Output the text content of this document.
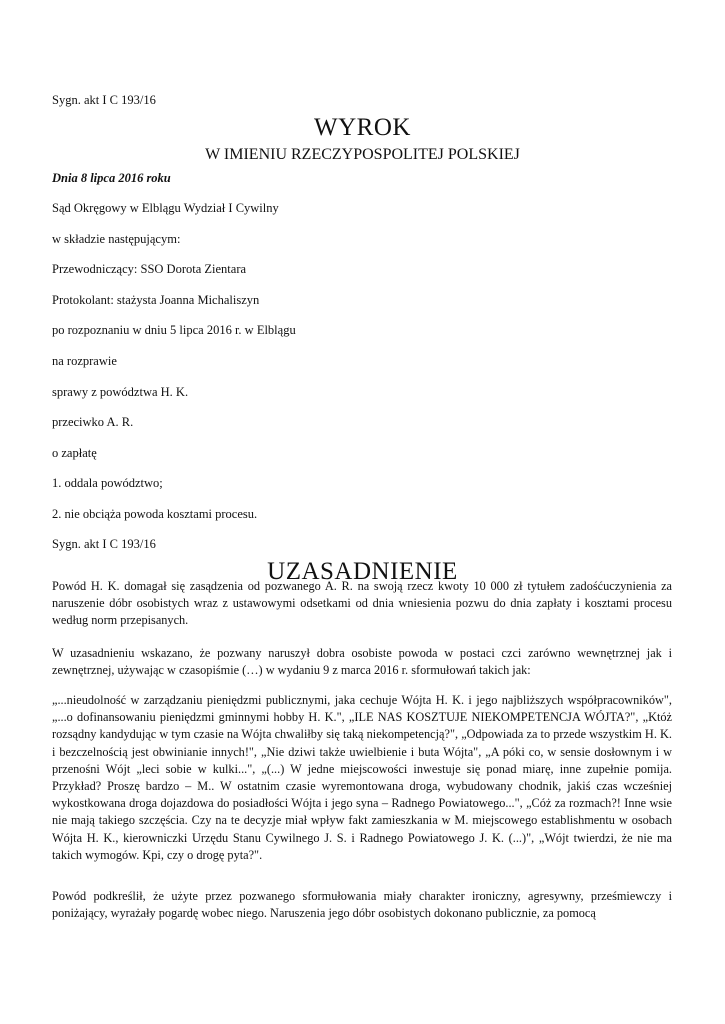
Sygn. akt I C 193/16
WYROK
W IMIENIU RZECZYPOSPOLITEJ POLSKIEJ
Dnia 8 lipca 2016 roku
Sąd Okręgowy w Elblągu Wydział I Cywilny
w składzie następującym:
Przewodniczący: SSO Dorota Zientara
Protokolant: stażysta Joanna Michaliszyn
po rozpoznaniu w dniu 5 lipca 2016 r. w Elblągu
na rozprawie
sprawy z powództwa H. K.
przeciwko A. R.
o zapłatę
1. oddala powództwo;
2. nie obciąża powoda kosztami procesu.
Sygn. akt I C 193/16
UZASADNIENIE

Powód H. K. domagał się zasądzenia od pozwanego A. R. na swoją rzecz kwoty 10 000 zł tytułem zadośćuczynienia za naruszenie dóbr osobistych wraz z ustawowymi odsetkami od dnia wniesienia pozwu do dnia zapłaty i kosztami procesu według norm przepisanych.

W uzasadnieniu wskazano, że pozwany naruszył dobra osobiste powoda w postaci czci zarówno wewnętrznej jak i zewnętrznej, używając w czasopiśmie (…) w wydaniu 9 z marca 2016 r. sformułowań takich jak:

„...nieudolność w zarządzaniu pieniędzmi publicznymi, jaka cechuje Wójta H. K. i jego najbliższych współpracowników", „...o dofinansowaniu pieniędzmi gminnymi hobby H. K.", „ILE NAS KOSZTUJE NIEKOMPETENCJA WÓJTA?", „Któż rozsądny kandydując w tym czasie na Wójta chwaliłby się taką niekompetencją?", „Odpowiada za to przede wszystkim H. K. i bezczelnością jest obwinianie innych!", „Nie dziwi także uwielbienie i buta Wójta", „A póki co, w sensie dosłownym i w przenośni Wójt „leci sobie w kulki...", „(...) W jedne miejscowości inwestuje się ponad miarę, inne zupełnie pomija. Przykład? Proszę bardzo – M.. W ostatnim czasie wyremontowana droga, wybudowany chodnik, jakiś czas wcześniej wykostkowana droga dojazdowa do posiadłości Wójta i jego syna – Radnego Powiatowego...", „Cóż za rozmach?! Inne wsie nie mają takiego szczęścia. Czy na te decyzje miał wpływ fakt zamieszkania w M. miejscowego establishmentu w osobach Wójta H. K., kierowniczki Urzędu Stanu Cywilnego J. S. i Radnego Powiatowego J. K. (...)", „Wójt twierdzi, że nie ma takich wymogów. Kpi, czy o drogę pyta?".

Powód podkreślił, że użyte przez pozwanego sformułowania miały charakter ironiczny, agresywny, prześmiewczy i poniżający, wyrażały pogardę wobec niego. Naruszenia jego dóbr osobistych dokonano publicznie, za pomocą
